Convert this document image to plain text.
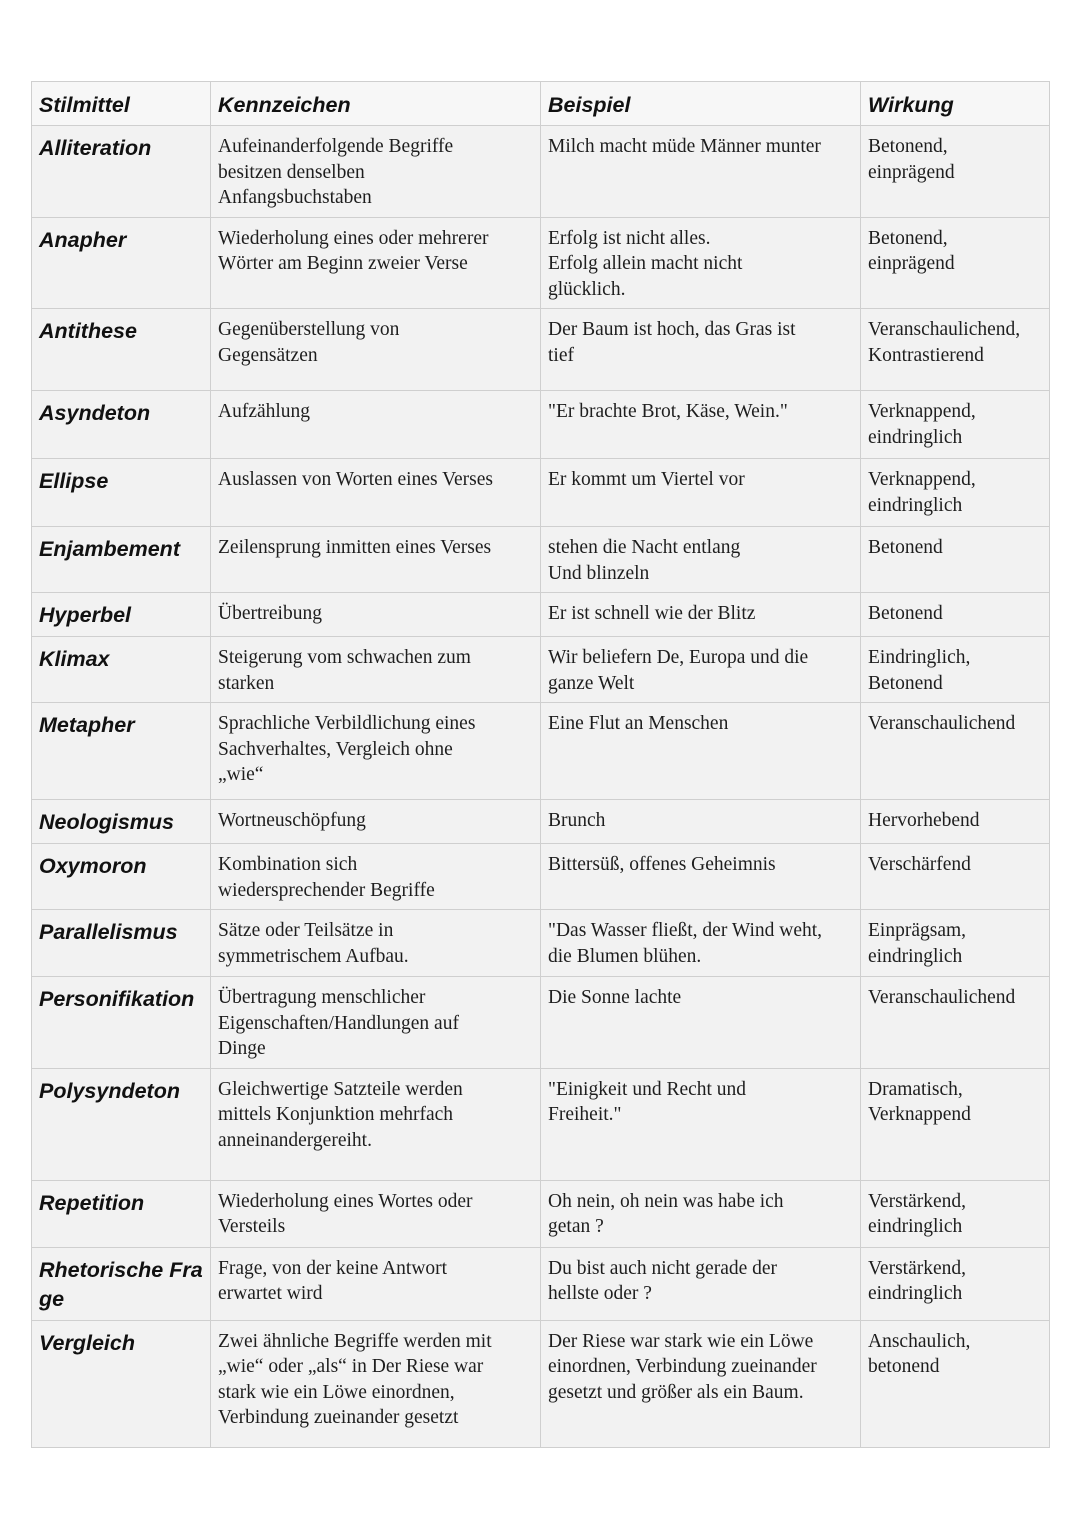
Stilmittel	Kennzeichen	Beispiel	Wirkung
Alliteration	Aufeinanderfolgende Begriffe
besitzen denselben
Anfangsbuchstaben	Milch macht müde Männer munter	Betonend,
einprägend
Anapher	Wiederholung eines oder mehrerer
Wörter am Beginn zweier Verse	Erfolg ist nicht alles.
Erfolg allein macht nicht
glücklich.	Betonend,
einprägend
Antithese	Gegenüberstellung von
Gegensätzen	Der Baum ist hoch, das Gras ist
tief	Veranschaulichend,
Kontrastierend
Asyndeton	Aufzählung	"Er brachte Brot, Käse, Wein."	Verknappend,
eindringlich
Ellipse	Auslassen von Worten eines Verses	Er kommt um Viertel vor	Verknappend,
eindringlich
Enjambement	Zeilensprung inmitten eines Verses	stehen die Nacht entlang
Und blinzeln	Betonend
Hyperbel	Übertreibung	Er ist schnell wie der Blitz	Betonend
Klimax	Steigerung vom schwachen zum
starken	Wir beliefern De, Europa und die
ganze Welt	Eindringlich,
Betonend
Metapher	Sprachliche Verbildlichung eines
Sachverhaltes, Vergleich ohne
„wie“	Eine Flut an Menschen	Veranschaulichend
Neologismus	Wortneuschöpfung	Brunch	Hervorhebend
Oxymoron	Kombination sich
wiedersprechender Begriffe	Bittersüß, offenes Geheimnis	Verschärfend
Parallelismus	Sätze oder Teilsätze in
symmetrischem Aufbau.	"Das Wasser fließt, der Wind weht,
die Blumen blühen.	Einprägsam,
eindringlich
Personifikation	Übertragung menschlicher
Eigenschaften/Handlungen auf
Dinge	Die Sonne lachte	Veranschaulichend
Polysyndeton	Gleichwertige Satzteile werden
mittels Konjunktion mehrfach
anneinandergereiht.	"Einigkeit und Recht und
Freiheit."	Dramatisch,
Verknappend
Repetition	Wiederholung eines Wortes oder
Versteils	Oh nein, oh nein was habe ich
getan ?	Verstärkend,
eindringlich
Rhetorische Frage	Frage, von der keine Antwort
erwartet wird	Du bist auch nicht gerade der
hellste oder ?	Verstärkend,
eindringlich
Vergleich	Zwei ähnliche Begriffe werden mit
„wie“ oder „als“ in Der Riese war
stark wie ein Löwe einordnen,
Verbindung zueinander gesetzt	Der Riese war stark wie ein Löwe
einordnen, Verbindung zueinander
gesetzt und größer als ein Baum.	Anschaulich,
betonend
